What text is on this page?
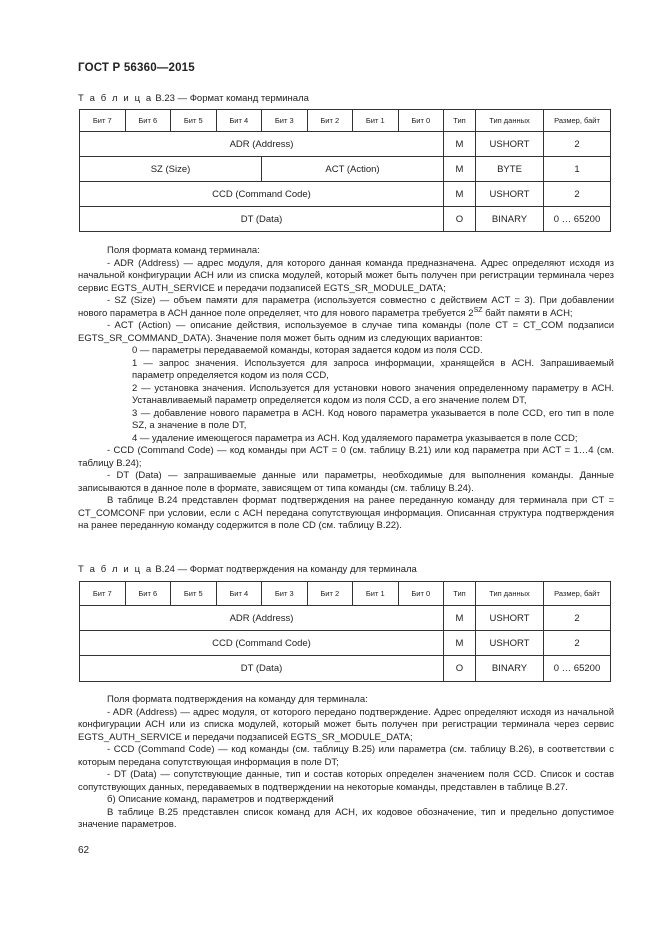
ГОСТ Р 56360—2015
Т а б л и ц а В.23 — Формат команд терминала
Бит 7	Бит 6	Бит 5	Бит 4	Бит 3	Бит 2	Бит 1	Бит 0	Тип	Тип данных	Размер, байт
ADR (Address)								M	USHORT	2
SZ (Size)				ACT (Action)				M	BYTE	1
CCD (Command Code)								M	USHORT	2
DT (Data)								O	BINARY	0 … 65200

Поля формата команд терминала:

- ADR (Address) — адрес модуля, для которого данная команда предназначена. Адрес определяют исходя из начальной конфигурации АСН или из списка модулей, который может быть получен при регистрации терминала через сервис EGTS_AUTH_SERVICE и передачи подзаписей EGTS_SR_MODULE_DATA;

- SZ (Size) — объем памяти для параметра (используется совместно с действием ACT = 3). При добавлении нового параметра в АСН данное поле определяет, что для нового параметра требуется $2^{SZ}$ байт памяти в АСН;

- ACT (Action) — описание действия, используемое в случае типа команды (поле CT = CT_COM подзаписи EGTS_SR_COMMAND_DATA). Значение поля может быть одним из следующих вариантов:

0 — параметры передаваемой команды, которая задается кодом из поля CCD.

1 — запрос значения. Используется для запроса информации, хранящейся в АСН. Запрашиваемый параметр определяется кодом из поля CCD,

2 — установка значения. Используется для установки нового значения определенному параметру в АСН. Устанавливаемый параметр определяется кодом из поля CCD, а его значение полем DT,

3 — добавление нового параметра в АСН. Код нового параметра указывается в поле CCD, его тип в поле SZ, а значение в поле DT,

4 — удаление имеющегося параметра из АСН. Код удаляемого параметра указывается в поле CCD;

- CCD (Command Code) — код команды при ACT = 0 (см. таблицу В.21) или код параметра при ACT = 1…4 (см. таблицу В.24);

- DT (Data) — запрашиваемые данные или параметры, необходимые для выполнения команды. Данные записываются в данное поле в формате, зависящем от типа команды (см. таблицу В.24).

В таблице В.24 представлен формат подтверждения на ранее переданную команду для терминала при CT = CT_COMCONF при условии, если с АСН передана сопутствующая информация. Описанная структура подтверждения на ранее переданную команду содержится в поле CD (см. таблицу В.22).

Т а б л и ц а В.24 — Формат подтверждения на команду для терминала
Бит 7	Бит 6	Бит 5	Бит 4	Бит 3	Бит 2	Бит 1	Бит 0	Тип	Тип данных	Размер, байт
ADR (Address)								M	USHORT	2
CCD (Command Code)								M	USHORT	2
DT (Data)								O	BINARY	0 … 65200

Поля формата подтверждения на команду для терминала:

- ADR (Address) — адрес модуля, от которого передано подтверждение. Адрес определяют исходя из начальной конфигурации АСН или из списка модулей, который может быть получен при регистрации терминала через сервис EGTS_AUTH_SERVICE и передачи подзаписей EGTS_SR_MODULE_DATA;

- CCD (Command Code) — код команды (см. таблицу В.25) или параметра (см. таблицу В.26), в соответствии с которым передана сопутствующая информация в поле DT;

- DT (Data) — сопутствующие данные, тип и состав которых определен значением поля CCD. Список и состав сопутствующих данных, передаваемых в подтверждении на некоторые команды, представлен в таблице В.27.

б) Описание команд, параметров и подтверждений

В таблице В.25 представлен список команд для АСН, их кодовое обозначение, тип и предельно допустимое значение параметров.

62
